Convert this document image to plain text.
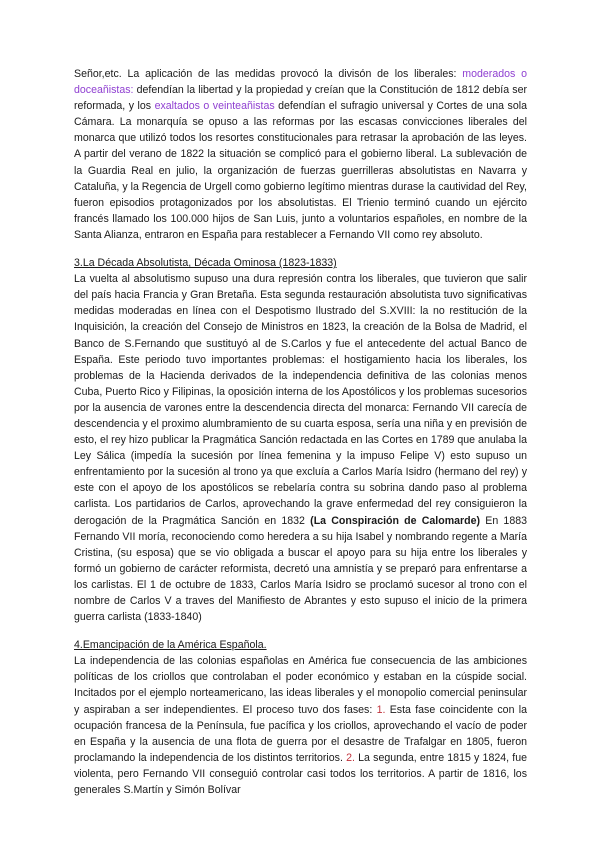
Señor,etc. La aplicación de las medidas provocó la divisón de los liberales: moderados o doceañistas: defendían la libertad y la propiedad y creían que la Constitución de 1812 debía ser reformada, y los exaltados o veinteañistas defendían el sufragio universal y Cortes de una sola Cámara. La monarquía se opuso a las reformas por las escasas convicciones liberales del monarca que utilizó todos los resortes constitucionales para retrasar la aprobación de las leyes. A partir del verano de 1822 la situación se complicó para el gobierno liberal. La sublevación de la Guardia Real en julio, la organización de fuerzas guerrilleras absolutistas en Navarra y Cataluña, y la Regencia de Urgell como gobierno legítimo mientras durase la cautividad del Rey, fueron episodios protagonizados por los absolutistas. El Trienio terminó cuando un ejército francés llamado los 100.000 hijos de San Luis, junto a voluntarios españoles, en nombre de la Santa Alianza, entraron en España para restablecer a Fernando VII como rey absoluto.

3.La Década Absolutista, Década Ominosa (1823-1833)

La vuelta al absolutismo supuso una dura represión contra los liberales, que tuvieron que salir del país hacia Francia y Gran Bretaña. Esta segunda restauración absolutista tuvo significativas medidas moderadas en línea con el Despotismo Ilustrado del S.XVIII: la no restitución de la Inquisición, la creación del Consejo de Ministros en 1823, la creación de la Bolsa de Madrid, el Banco de S.Fernando que sustituyó al de S.Carlos y fue el antecedente del actual Banco de España. Este periodo tuvo importantes problemas: el hostigamiento hacia los liberales, los problemas de la Hacienda derivados de la independencia definitiva de las colonias menos Cuba, Puerto Rico y Filipinas, la oposición interna de los Apostólicos y los problemas sucesorios por la ausencia de varones entre la descendencia directa del monarca: Fernando VII carecía de descendencia y el proximo alumbramiento de su cuarta esposa, sería una niña y en previsión de esto, el rey hizo publicar la Pragmática Sanción redactada en las Cortes en 1789 que anulaba la Ley Sálica (impedía la sucesión por línea femenina y la impuso Felipe V) esto supuso un enfrentamiento por la sucesión al trono ya que excluía a Carlos María Isidro (hermano del rey) y este con el apoyo de los apostólicos se rebelaría contra su sobrina dando paso al problema carlista. Los partidarios de Carlos, aprovechando la grave enfermedad del rey consiguieron la derogación de la Pragmática Sanción en 1832 (La Conspiración de Calomarde) En 1883 Fernando VII moría, reconociendo como heredera a su hija Isabel y nombrando regente a María Cristina, (su esposa) que se vio obligada a buscar el apoyo para su hija entre los liberales y formó un gobierno de carácter reformista, decretó una amnistía y se preparó para enfrentarse a los carlistas. El 1 de octubre de 1833, Carlos María Isidro se proclamó sucesor al trono con el nombre de Carlos V a traves del Manifiesto de Abrantes y esto supuso el inicio de la primera guerra carlista (1833-1840)

4.Emancipación de la América Española.

La independencia de las colonias españolas en América fue consecuencia de las ambiciones políticas de los criollos que controlaban el poder económico y estaban en la cúspide social. Incitados por el ejemplo norteamericano, las ideas liberales y el monopolio comercial peninsular y aspiraban a ser independientes. El proceso tuvo dos fases: 1. Esta fase coincidente con la ocupación francesa de la Península, fue pacífica y los criollos, aprovechando el vacío de poder en España y la ausencia de una flota de guerra por el desastre de Trafalgar en 1805, fueron proclamando la independencia de los distintos territorios. 2. La segunda, entre 1815 y 1824, fue violenta, pero Fernando VII conseguió controlar casi todos los territorios. A partir de 1816, los generales S.Martín y Simón Bolívar
